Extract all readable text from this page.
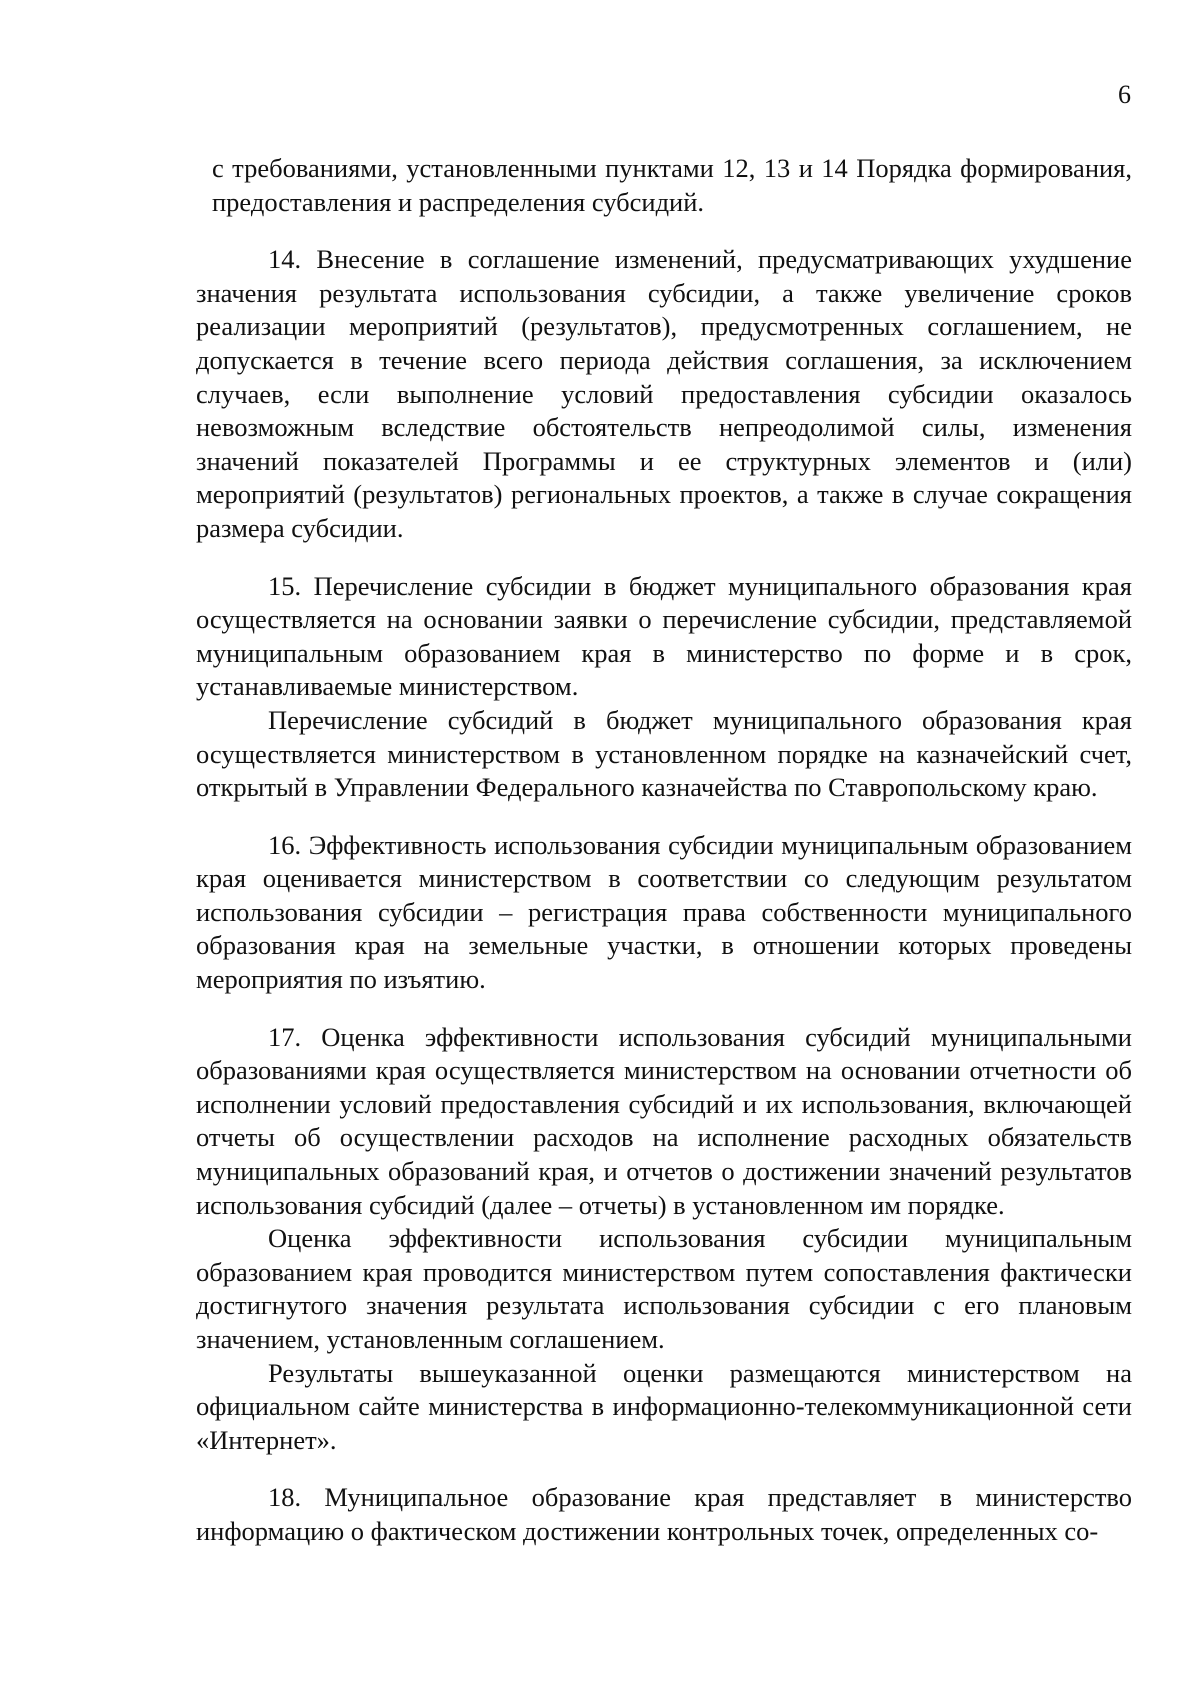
6

с требованиями, установленными пунктами 12, 13 и 14 Порядка формирования, предоставления и распределения субсидий.

14. Внесение в соглашение изменений, предусматривающих ухудшение значения результата использования субсидии, а также увеличение сроков реализации мероприятий (результатов), предусмотренных соглашением, не допускается в течение всего периода действия соглашения, за исключением случаев, если выполнение условий предоставления субсидии оказалось невозможным вследствие обстоятельств непреодолимой силы, изменения значений показателей Программы и ее структурных элементов и (или) мероприятий (результатов) региональных проектов, а также в случае сокращения размера субсидии.

15. Перечисление субсидии в бюджет муниципального образования края осуществляется на основании заявки о перечисление субсидии, представляемой муниципальным образованием края в министерство по форме и в срок, устанавливаемые министерством.

Перечисление субсидий в бюджет муниципального образования края осуществляется министерством в установленном порядке на казначейский счет, открытый в Управлении Федерального казначейства по Ставропольскому краю.

16. Эффективность использования субсидии муниципальным образованием края оценивается министерством в соответствии со следующим результатом использования субсидии – регистрация права собственности муниципального образования края на земельные участки, в отношении которых проведены мероприятия по изъятию.

17. Оценка эффективности использования субсидий муниципальными образованиями края осуществляется министерством на основании отчетности об исполнении условий предоставления субсидий и их использования, включающей отчеты об осуществлении расходов на исполнение расходных обязательств муниципальных образований края, и отчетов о достижении значений результатов использования субсидий (далее – отчеты) в установленном им порядке.

Оценка эффективности использования субсидии муниципальным образованием края проводится министерством путем сопоставления фактически достигнутого значения результата использования субсидии с его плановым значением, установленным соглашением.

Результаты вышеуказанной оценки размещаются министерством на официальном сайте министерства в информационно-телекоммуникационной сети «Интернет».

18. Муниципальное образование края представляет в министерство информацию о фактическом достижении контрольных точек, определенных со-
